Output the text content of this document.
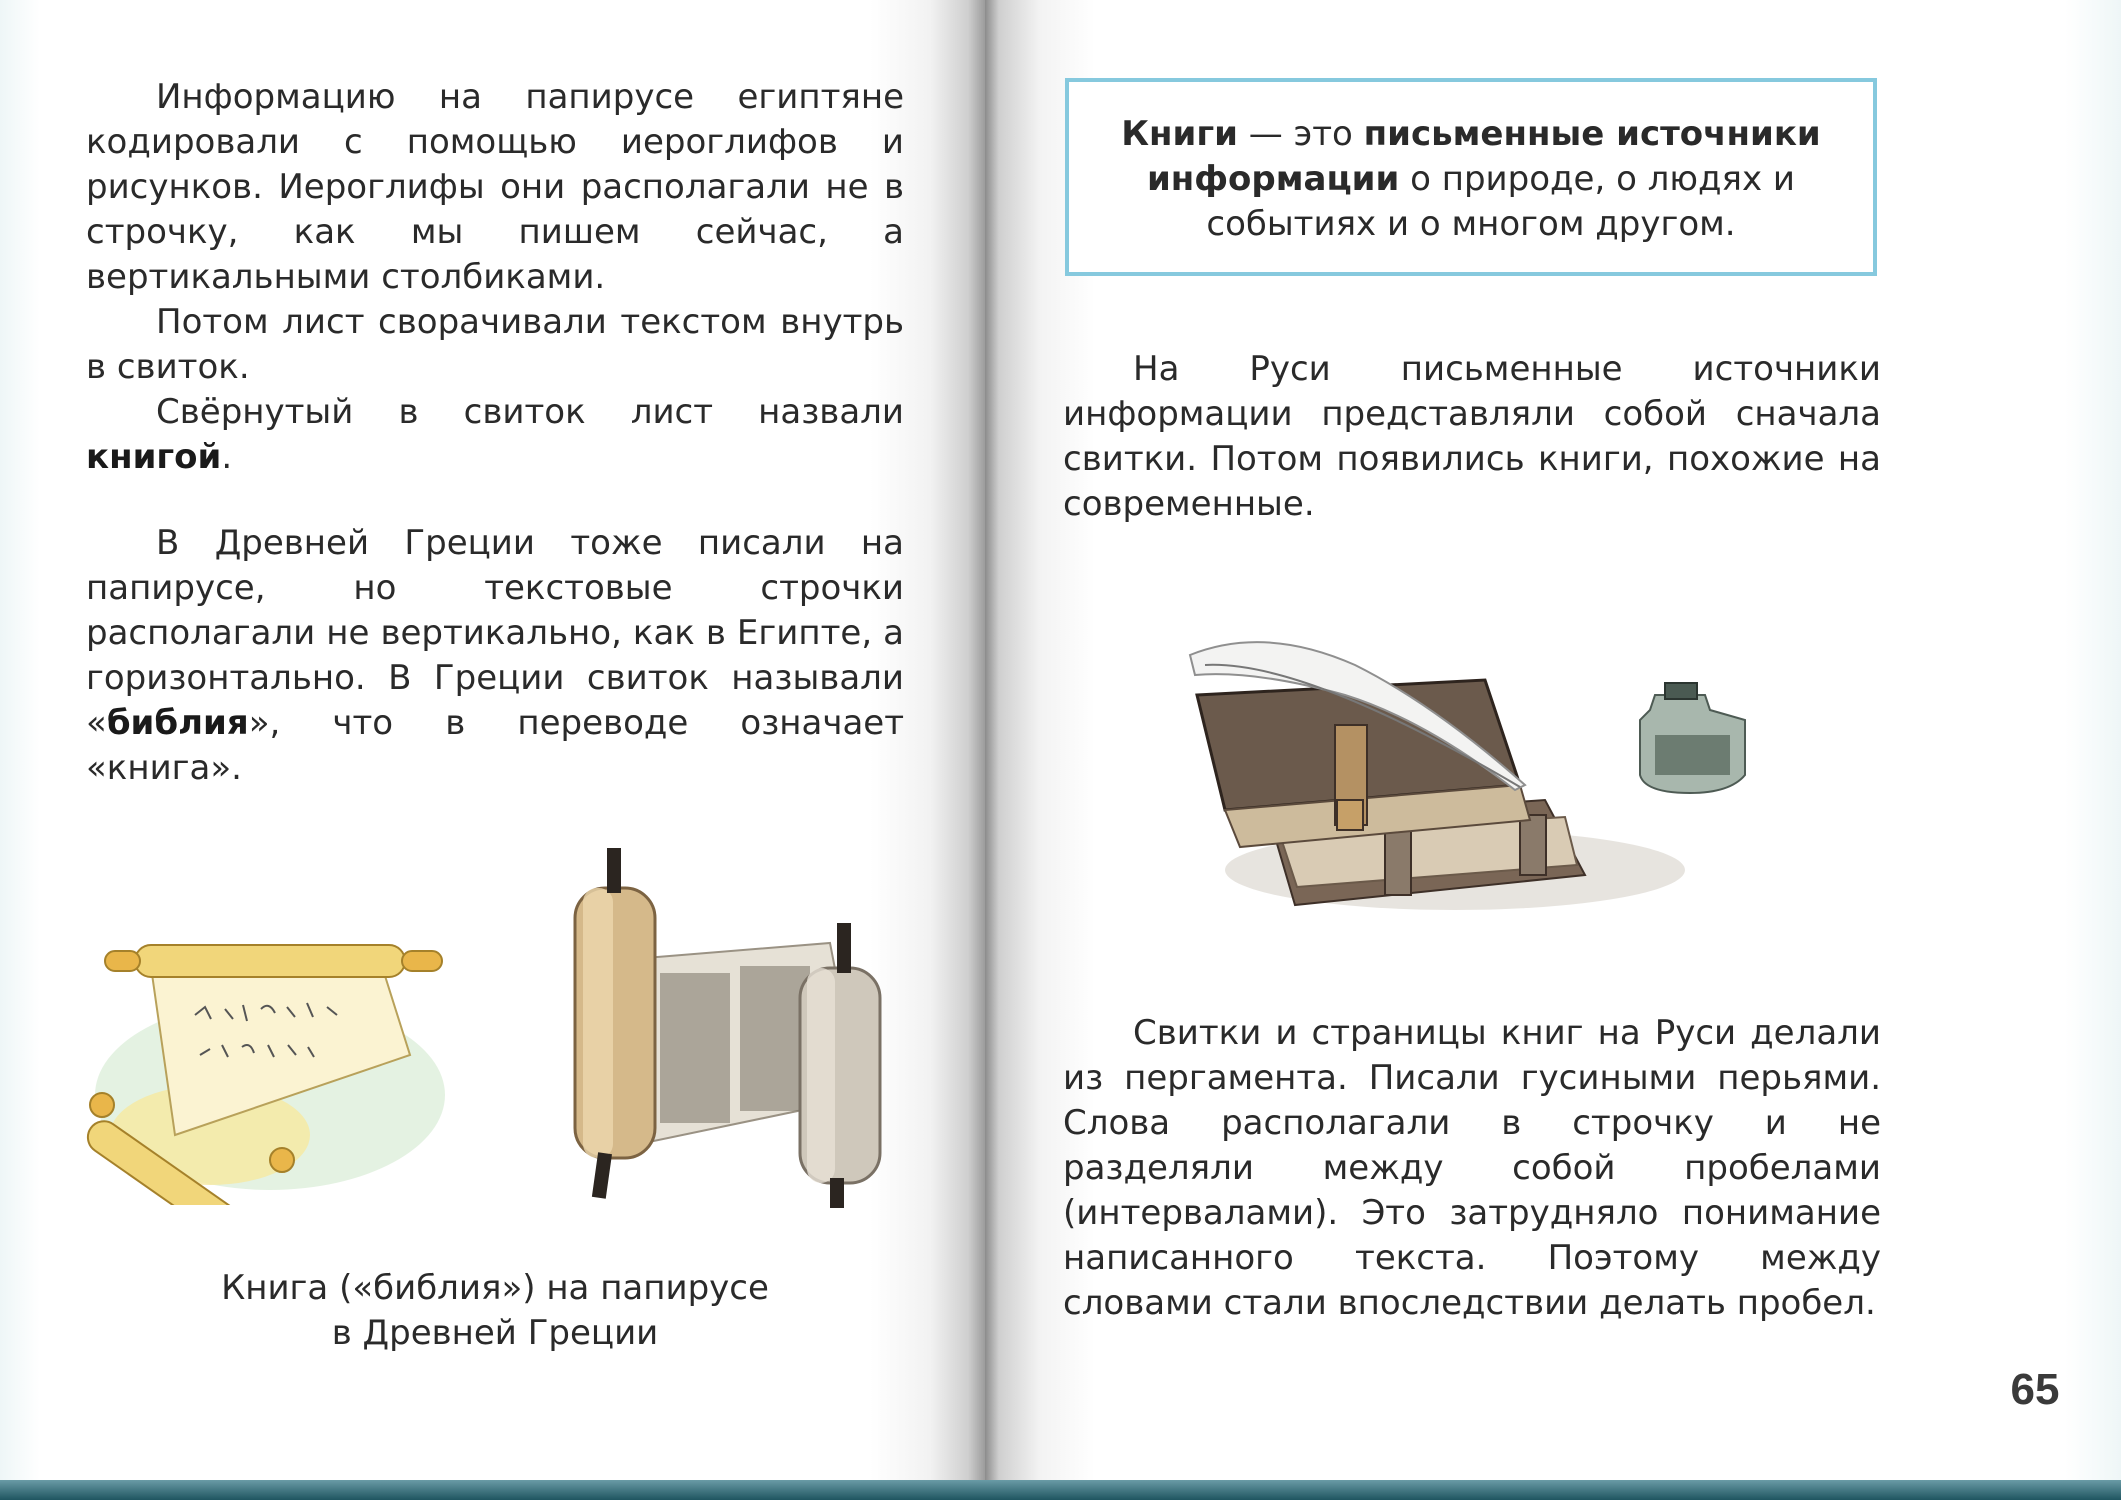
Информацию на папирусе египтяне кодировали с помощью иероглифов и рисунков. Иероглифы они располагали не в строчку, как мы пишем сейчас, а вертикальными столбиками.

Потом лист сворачивали текстом внутрь в свиток.

Свёрнутый в свиток лист назвали книгой.

В Древней Греции тоже писали на папирусе, но текстовые строчки располагали не вертикально, как в Египте, а горизонтально. В Греции свиток называли «библия», что в переводе означает «книга».

Книга («библия») на папирусе
в Древней Греции
Книги — это письменные источники информации о природе, о людях и событиях и о многом другом.

На Руси письменные источники информации представляли собой сначала свитки. Потом появились книги, похожие на современные.

Свитки и страницы книг на Руси делали из пергамента. Писали гусиными перьями. Слова располагали в строчку и не разделяли между собой пробелами (интервалами). Это затрудняло понимание написанного текста. Поэтому между словами стали впоследствии делать пробел.

65
